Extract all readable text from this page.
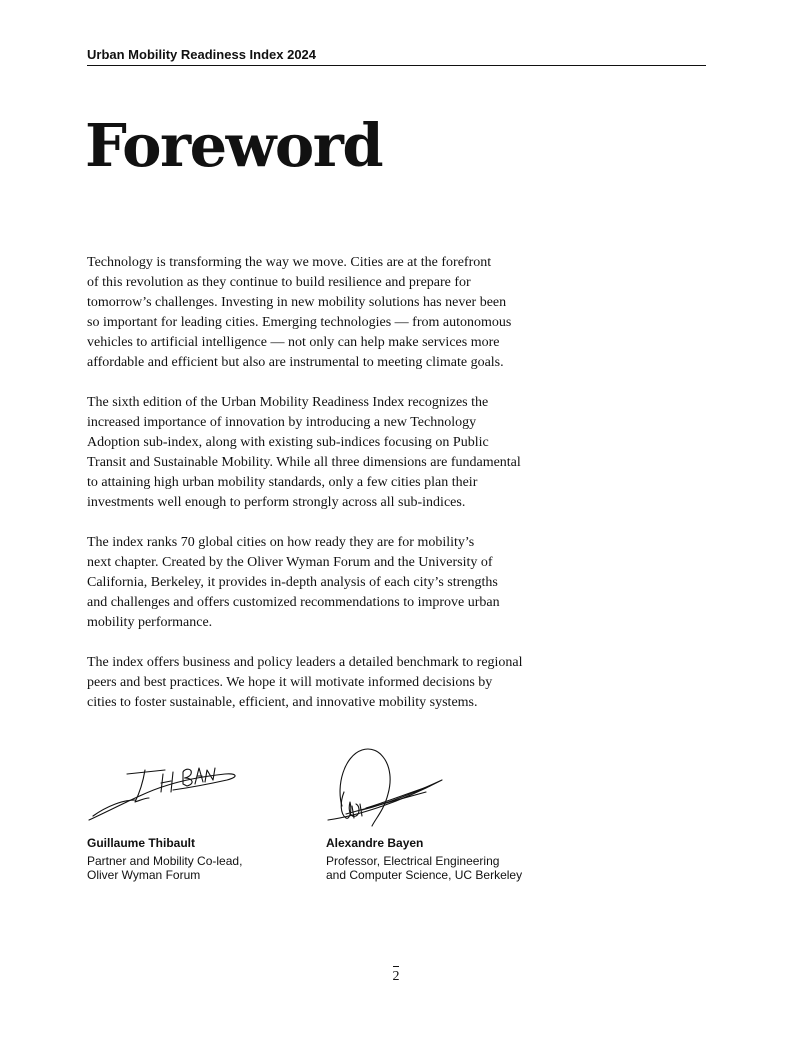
Urban Mobility Readiness Index 2024
Foreword

Technology is transforming the way we move. Cities are at the forefront
of this revolution as they continue to build resilience and prepare for
tomorrow’s challenges. Investing in new mobility solutions has never been
so important for leading cities. Emerging technologies — from autonomous
vehicles to artificial intelligence — not only can help make services more
affordable and efficient but also are instrumental to meeting climate goals.

The sixth edition of the Urban Mobility Readiness Index recognizes the
increased importance of innovation by introducing a new Technology
Adoption sub-index, along with existing sub-indices focusing on Public
Transit and Sustainable Mobility. While all three dimensions are fundamental
to attaining high urban mobility standards, only a few cities plan their
investments well enough to perform strongly across all sub-indices.

The index ranks 70 global cities on how ready they are for mobility’s
next chapter. Created by the Oliver Wyman Forum and the University of
California, Berkeley, it provides in-depth analysis of each city’s strengths
and challenges and offers customized recommendations to improve urban
mobility performance.

The index offers business and policy leaders a detailed benchmark to regional
peers and best practices. We hope it will motivate informed decisions by
cities to foster sustainable, efficient, and innovative mobility systems.

Guillaume Thibault
Partner and Mobility Co-lead,
Oliver Wyman Forum
Alexandre Bayen
Professor, Electrical Engineering
and Computer Science, UC Berkeley
2
